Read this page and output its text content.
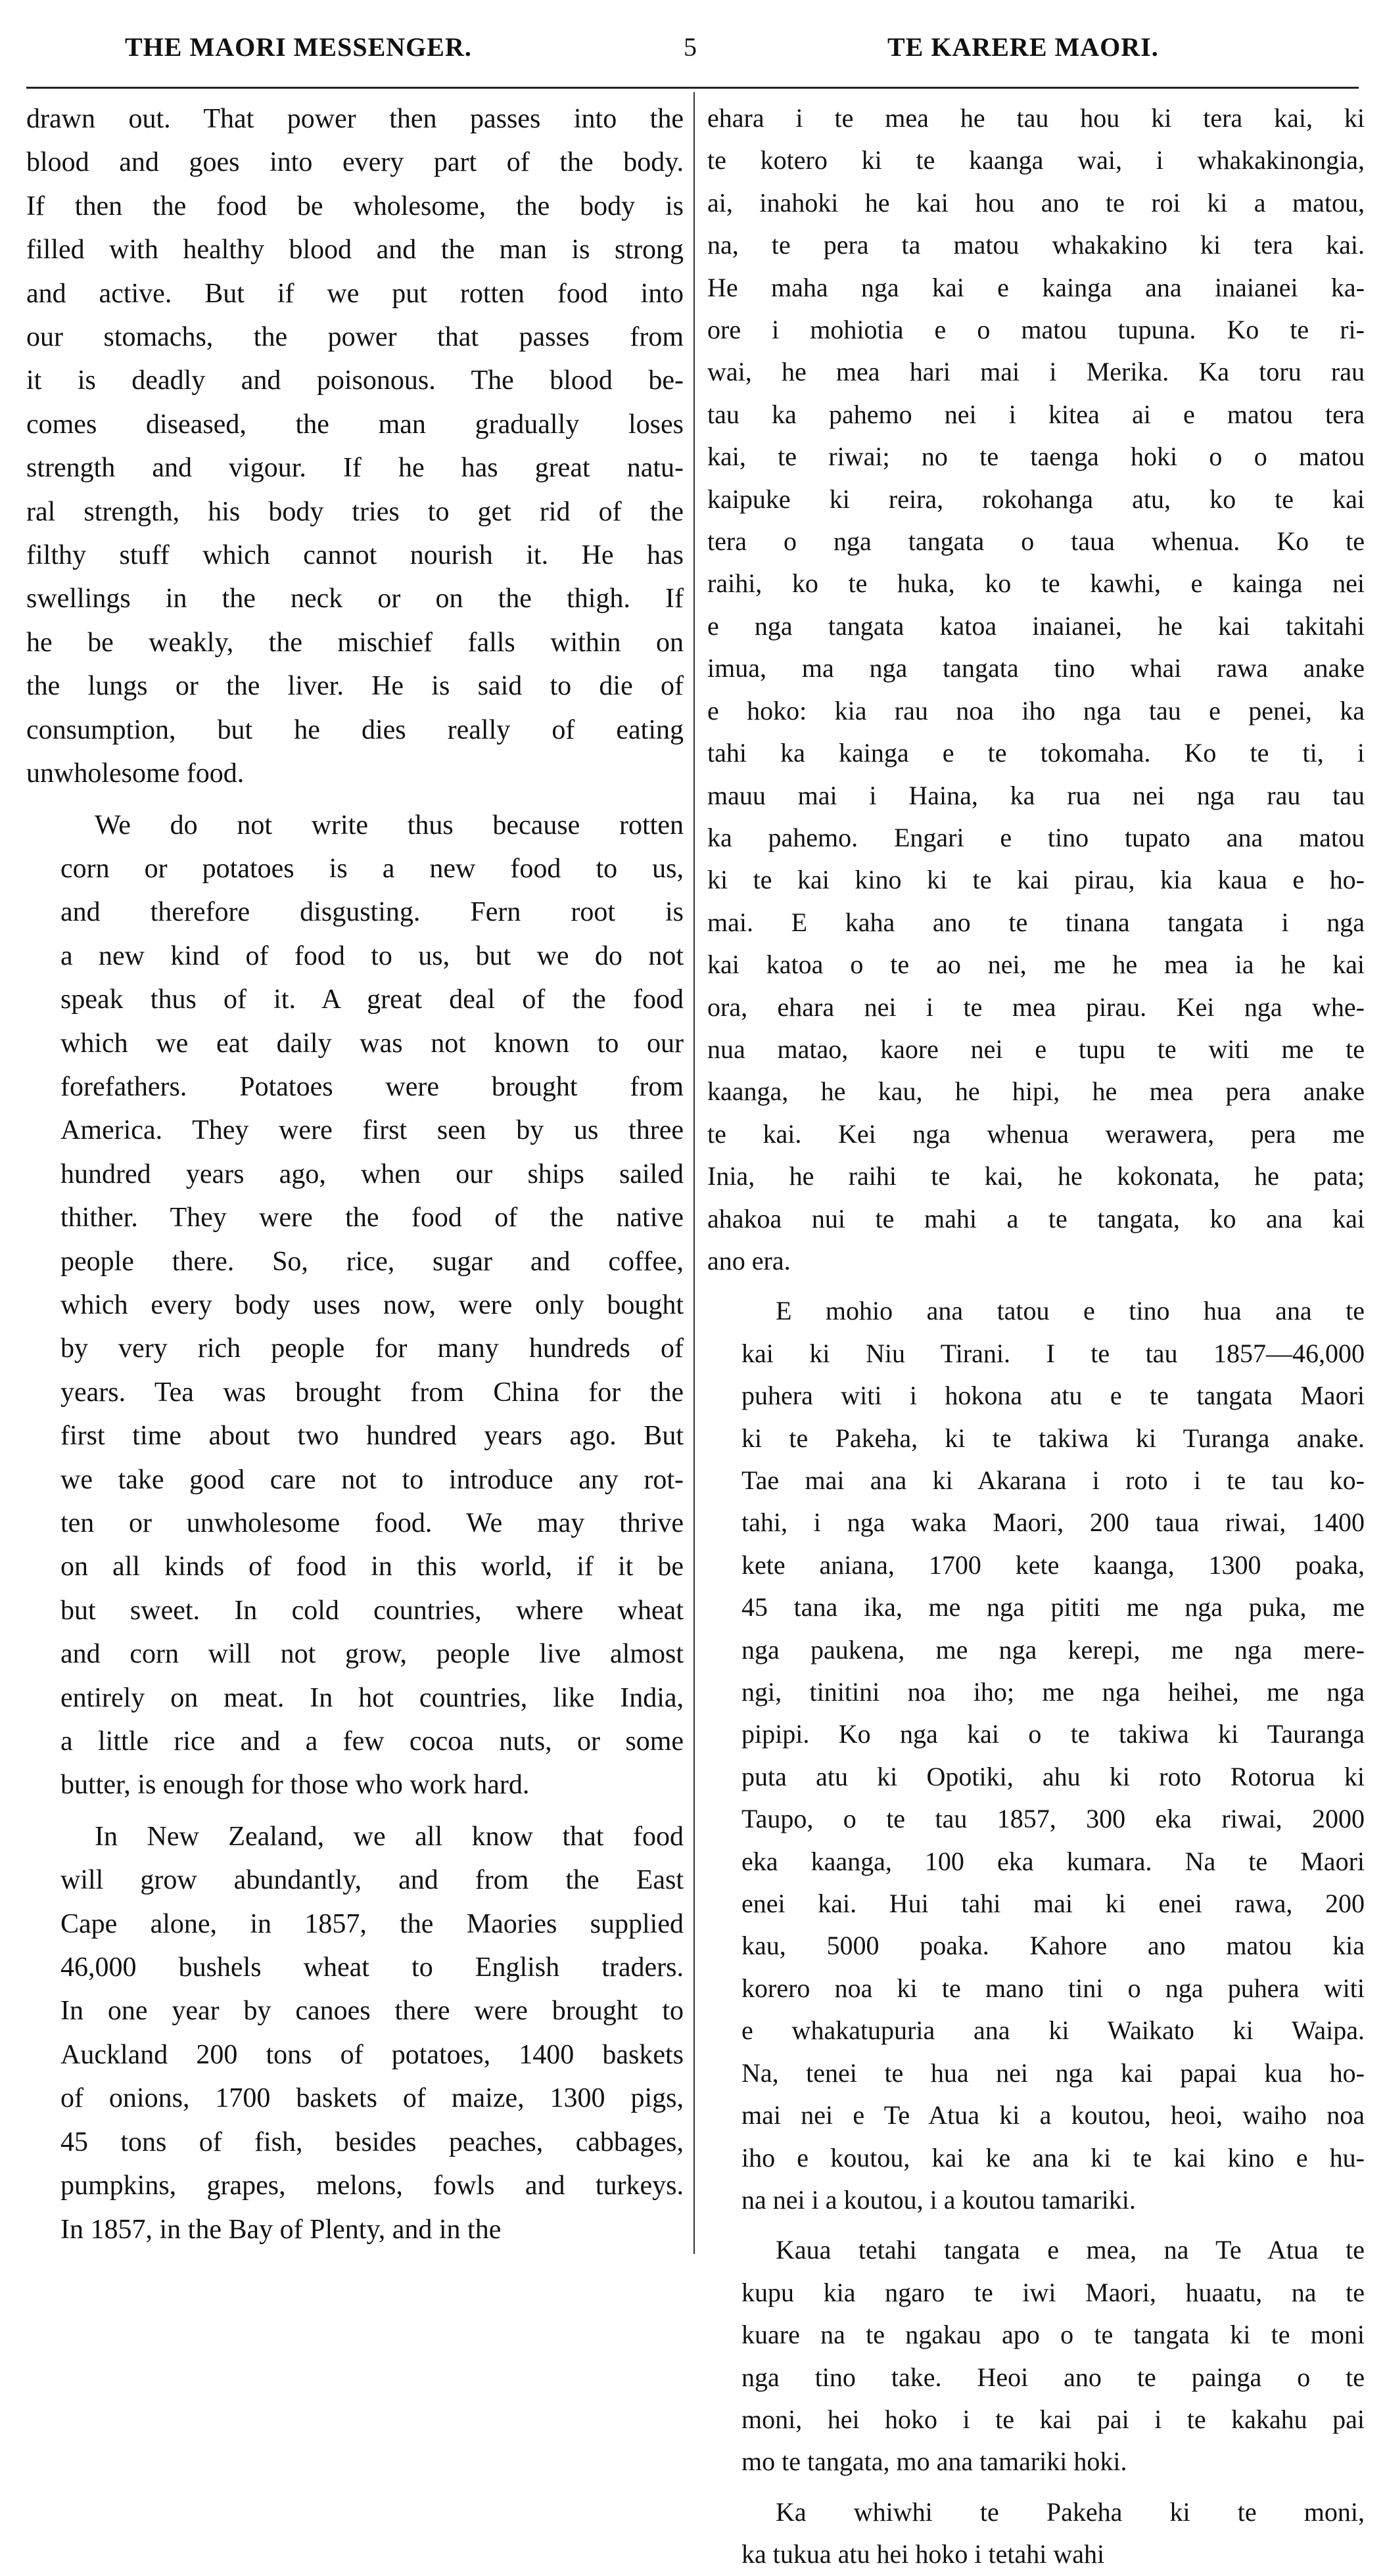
THE MAORI MESSENGER.	5	TE KARERE MAORI.

drawn out. That power then passes into the
blood and goes into every part of the body.
If then the food be wholesome, the body is
filled with healthy blood and the man is strong
and active. But if we put rotten food into
our stomachs, the power that passes from
it is deadly and poisonous. The blood be-
comes diseased, the man gradually loses
strength and vigour. If he has great natu-
ral strength, his body tries to get rid of the
filthy stuff which cannot nourish it. He has
swellings in the neck or on the thigh. If
he be weakly, the mischief falls within on
the lungs or the liver. He is said to die of
consumption, but he dies really of eating
unwholesome food.

We do not write thus because rotten
corn or potatoes is a new food to us,
and therefore disgusting. Fern root is
a new kind of food to us, but we do not
speak thus of it. A great deal of the food
which we eat daily was not known to our
forefathers. Potatoes were brought from
America. They were first seen by us three
hundred years ago, when our ships sailed
thither. They were the food of the native
people there. So, rice, sugar and coffee,
which every body uses now, were only bought
by very rich people for many hundreds of
years. Tea was brought from China for the
first time about two hundred years ago. But
we take good care not to introduce any rot-
ten or unwholesome food. We may thrive
on all kinds of food in this world, if it be
but sweet. In cold countries, where wheat
and corn will not grow, people live almost
entirely on meat. In hot countries, like India,
a little rice and a few cocoa nuts, or some
butter, is enough for those who work hard.

In New Zealand, we all know that food
will grow abundantly, and from the East
Cape alone, in 1857, the Maories supplied
46,000 bushels wheat to English traders.
In one year by canoes there were brought to
Auckland 200 tons of potatoes, 1400 baskets
of onions, 1700 baskets of maize, 1300 pigs,
45 tons of fish, besides peaches, cabbages,
pumpkins, grapes, melons, fowls and turkeys.
In 1857, in the Bay of Plenty, and in the

ehara i te mea he tau hou ki tera kai, ki
te kotero ki te kaanga wai, i whakakinongia,
ai, inahoki he kai hou ano te roi ki a matou,
na, te pera ta matou whakakino ki tera kai.
He maha nga kai e kainga ana inaianei ka-
ore i mohiotia e o matou tupuna. Ko te ri-
wai, he mea hari mai i Merika. Ka toru rau
tau ka pahemo nei i kitea ai e matou tera
kai, te riwai; no te taenga hoki o o matou
kaipuke ki reira, rokohanga atu, ko te kai
tera o nga tangata o taua whenua. Ko te
raihi, ko te huka, ko te kawhi, e kainga nei
e nga tangata katoa inaianei, he kai takitahi
imua, ma nga tangata tino whai rawa anake
e hoko: kia rau noa iho nga tau e penei, ka
tahi ka kainga e te tokomaha. Ko te ti, i
mauu mai i Haina, ka rua nei nga rau tau
ka pahemo. Engari e tino tupato ana matou
ki te kai kino ki te kai pirau, kia kaua e ho-
mai. E kaha ano te tinana tangata i nga
kai katoa o te ao nei, me he mea ia he kai
ora, ehara nei i te mea pirau. Kei nga whe-
nua matao, kaore nei e tupu te witi me te
kaanga, he kau, he hipi, he mea pera anake
te kai. Kei nga whenua werawera, pera me
Inia, he raihi te kai, he kokonata, he pata;
ahakoa nui te mahi a te tangata, ko ana kai
ano era.

E mohio ana tatou e tino hua ana te
kai ki Niu Tirani. I te tau 1857—46,000
puhera witi i hokona atu e te tangata Maori
ki te Pakeha, ki te takiwa ki Turanga anake.
Tae mai ana ki Akarana i roto i te tau ko-
tahi, i nga waka Maori, 200 taua riwai, 1400
kete aniana, 1700 kete kaanga, 1300 poaka,
45 tana ika, me nga pititi me nga puka, me
nga paukena, me nga kerepi, me nga mere-
ngi, tinitini noa iho; me nga heihei, me nga
pipipi. Ko nga kai o te takiwa ki Tauranga
puta atu ki Opotiki, ahu ki roto Rotorua ki
Taupo, o te tau 1857, 300 eka riwai, 2000
eka kaanga, 100 eka kumara. Na te Maori
enei kai. Hui tahi mai ki enei rawa, 200
kau, 5000 poaka. Kahore ano matou kia
korero noa ki te mano tini o nga puhera witi
e whakatupuria ana ki Waikato ki Waipa.
Na, tenei te hua nei nga kai papai kua ho-
mai nei e Te Atua ki a koutou, heoi, waiho noa
iho e koutou, kai ke ana ki te kai kino e hu-
na nei i a koutou, i a koutou tamariki.

Kaua tetahi tangata e mea, na Te Atua te
kupu kia ngaro te iwi Maori, huaatu, na te
kuare na te ngakau apo o te tangata ki te moni
nga tino take. Heoi ano te painga o te
moni, hei hoko i te kai pai i te kakahu pai
mo te tangata, mo ana tamariki hoki.

Ka whiwhi te Pakeha ki te moni,
ka tukua atu hei hoko i tetahi wahi
